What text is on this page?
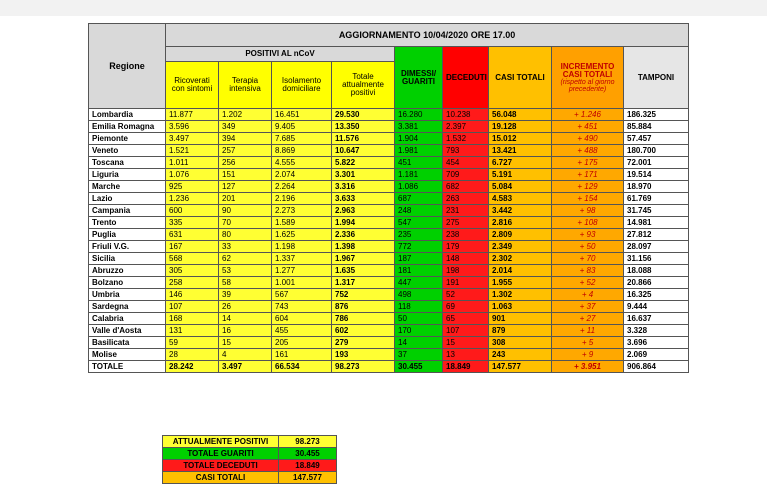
Regione	AGGIORNAMENTO 10/04/2020 ORE 17.00								
	POSITIVI AL nCoV				DIMESSI/ GUARITI	DECEDUTI	CASI TOTALI	INCREMENTO CASI TOTALI
(rispetto al giorno precedente)	TAMPONI
	Ricoverati con sintomi	Terapia intensiva	Isolamento domiciliare	Totale attualmente positivi					
Lombardia	11.877	1.202	16.451	29.530	16.280	10.238	56.048	+ 1.246	186.325
Emilia Romagna	3.596	349	9.405	13.350	3.381	2.397	19.128	+ 451	85.884
Piemonte	3.497	394	7.685	11.576	1.904	1.532	15.012	+ 490	57.457
Veneto	1.521	257	8.869	10.647	1.981	793	13.421	+ 488	180.700
Toscana	1.011	256	4.555	5.822	451	454	6.727	+ 175	72.001
Liguria	1.076	151	2.074	3.301	1.181	709	5.191	+ 171	19.514
Marche	925	127	2.264	3.316	1.086	682	5.084	+ 129	18.970
Lazio	1.236	201	2.196	3.633	687	263	4.583	+ 154	61.769
Campania	600	90	2.273	2.963	248	231	3.442	+ 98	31.745
Trento	335	70	1.589	1.994	547	275	2.816	+ 108	14.981
Puglia	631	80	1.625	2.336	235	238	2.809	+ 93	27.812
Friuli V.G.	167	33	1.198	1.398	772	179	2.349	+ 50	28.097
Sicilia	568	62	1.337	1.967	187	148	2.302	+ 70	31.156
Abruzzo	305	53	1.277	1.635	181	198	2.014	+ 83	18.088
Bolzano	258	58	1.001	1.317	447	191	1.955	+ 52	20.866
Umbria	146	39	567	752	498	52	1.302	+ 4	16.325
Sardegna	107	26	743	876	118	69	1.063	+ 37	9.444
Calabria	168	14	604	786	50	65	901	+ 27	16.637
Valle d'Aosta	131	16	455	602	170	107	879	+ 11	3.328
Basilicata	59	15	205	279	14	15	308	+ 5	3.696
Molise	28	4	161	193	37	13	243	+ 9	2.069
TOTALE	28.242	3.497	66.534	98.273	30.455	18.849	147.577	+ 3.951	906.864
ATTUALMENTE POSITIVI	98.273
TOTALE GUARITI	30.455
TOTALE DECEDUTI	18.849
CASI TOTALI	147.577
